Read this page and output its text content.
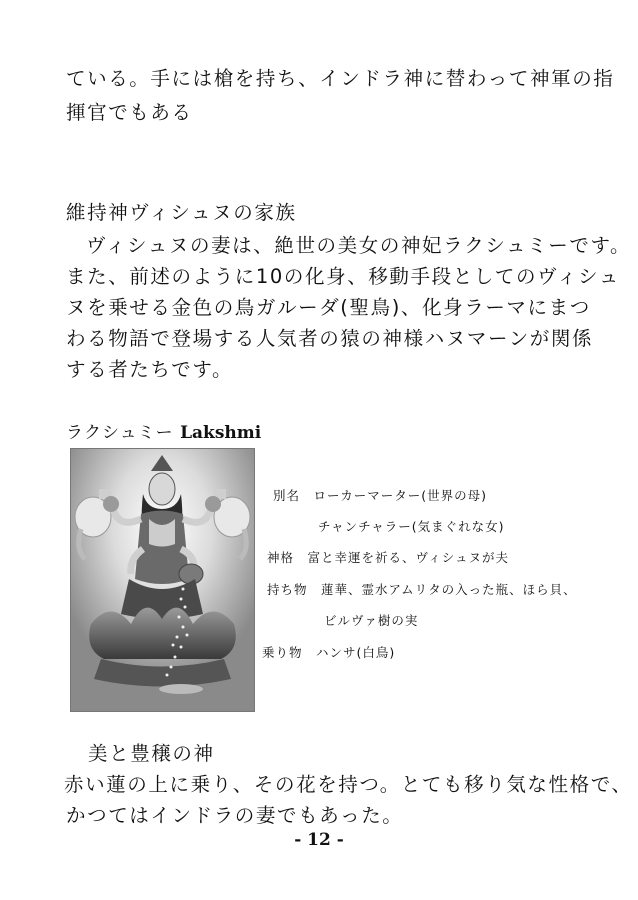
ている。手には槍を持ち、インドラ神に替わって神軍の指
揮官でもある
維持神ヴィシュヌの家族
ヴィシュヌの妻は、絶世の美女の神妃ラクシュミーです。
また、前述のように10の化身、移動手段としてのヴィシュ
ヌを乗せる金色の鳥ガルーダ(聖鳥)、化身ラーマにまつ
わる物語で登場する人気者の猿の神様ハヌマーンが関係
する者たちです。
ラクシュミー Lakshmi
別名　ローカーマーター(世界の母)
チャンチャラー(気まぐれな女)
神格　富と幸運を祈る、ヴィシュヌが夫
持ち物　蓮華、霊水アムリタの入った瓶、ほら貝、
ビルヴァ樹の実
乗り物　ハンサ(白鳥)
美と豊穣の神
赤い蓮の上に乗り、その花を持つ。とても移り気な性格で、
かつてはインドラの妻でもあった。
- 12 -
